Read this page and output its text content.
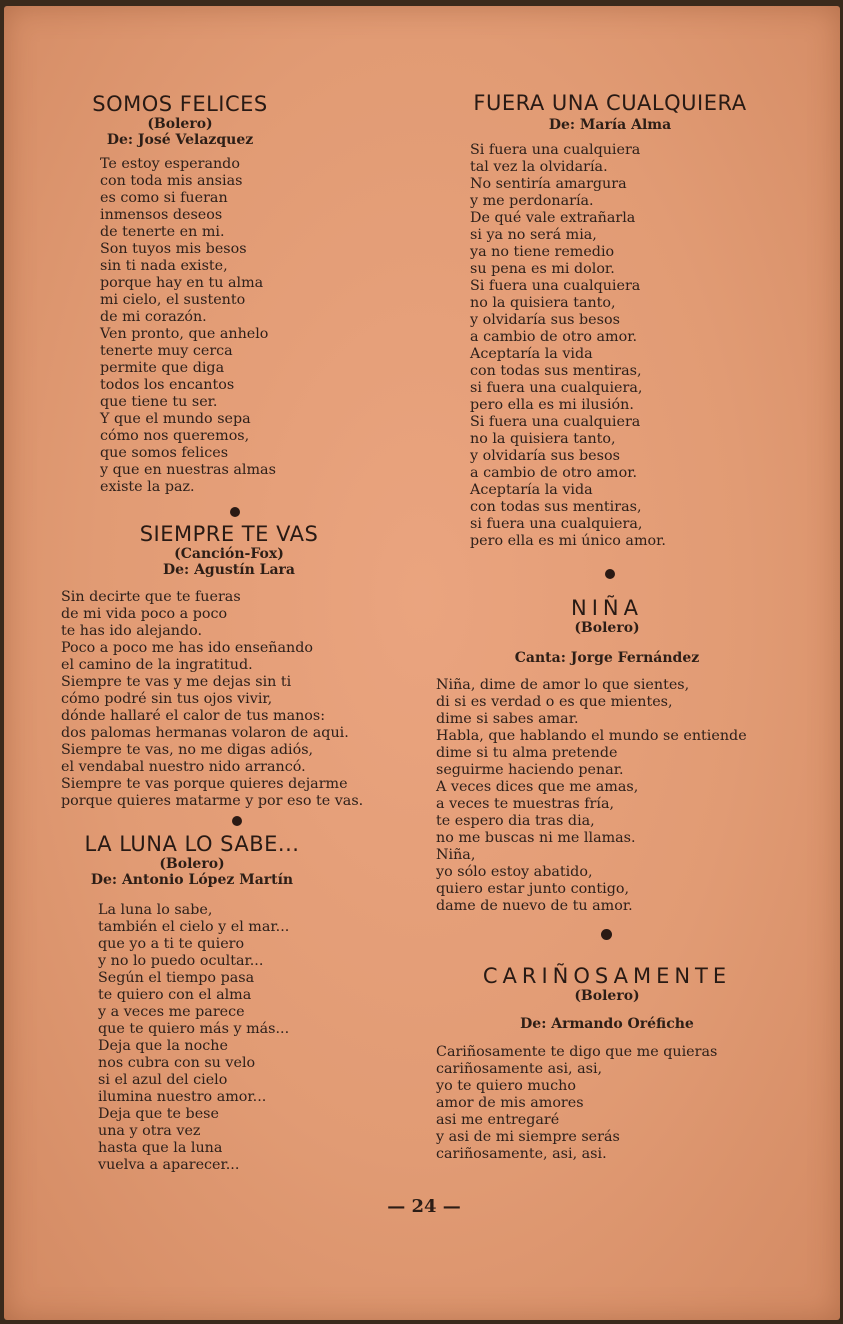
SOMOS FELICES
(Bolero)
De: José Velazquez
Te estoy esperando
con toda mis ansias
es como si fueran
inmensos deseos
de tenerte en mi.
Son tuyos mis besos
sin ti nada existe,
porque hay en tu alma
mi cielo, el sustento
de mi corazón.
Ven pronto, que anhelo
tenerte muy cerca
permite que diga
todos los encantos
que tiene tu ser.
Y que el mundo sepa
cómo nos queremos,
que somos felices
y que en nuestras almas
existe la paz.
SIEMPRE TE VAS
(Canción-Fox)
De: Agustín Lara
Sin decirte que te fueras
de mi vida poco a poco
te has ido alejando.
Poco a poco me has ido enseñando
el camino de la ingratitud.
Siempre te vas y me dejas sin ti
cómo podré sin tus ojos vivir,
dónde hallaré el calor de tus manos:
dos palomas hermanas volaron de aqui.
Siempre te vas, no me digas adiós,
el vendabal nuestro nido arrancó.
Siempre te vas porque quieres dejarme
porque quieres matarme y por eso te vas.
LA LUNA LO SABE...
(Bolero)
De: Antonio López Martín
La luna lo sabe,
también el cielo y el mar...
que yo a ti te quiero
y no lo puedo ocultar...
Según el tiempo pasa
te quiero con el alma
y a veces me parece
que te quiero más y más...
Deja que la noche
nos cubra con su velo
si el azul del cielo
ilumina nuestro amor...
Deja que te bese
una y otra vez
hasta que la luna
vuelva a aparecer...
FUERA UNA CUALQUIERA
De: María Alma
Si fuera una cualquiera
tal vez la olvidaría.
No sentiría amargura
y me perdonaría.
De qué vale extrañarla
si ya no será mia,
ya no tiene remedio
su pena es mi dolor.
Si fuera una cualquiera
no la quisiera tanto,
y olvidaría sus besos
a cambio de otro amor.
Aceptaría la vida
con todas sus mentiras,
si fuera una cualquiera,
pero ella es mi ilusión.
Si fuera una cualquiera
no la quisiera tanto,
y olvidaría sus besos
a cambio de otro amor.
Aceptaría la vida
con todas sus mentiras,
si fuera una cualquiera,
pero ella es mi único amor.
NIÑA
(Bolero)
Canta: Jorge Fernández
Niña, dime de amor lo que sientes,
di si es verdad o es que mientes,
dime si sabes amar.
Habla, que hablando el mundo se entiende
dime si tu alma pretende
seguirme haciendo penar.
A veces dices que me amas,
a veces te muestras fría,
te espero dia tras dia,
no me buscas ni me llamas.
Niña,
yo sólo estoy abatido,
quiero estar junto contigo,
dame de nuevo de tu amor.
CARIÑOSAMENTE
(Bolero)
De: Armando Oréfiche
Cariñosamente te digo que me quieras
cariñosamente asi, asi,
yo te quiero mucho
amor de mis amores
asi me entregaré
y asi de mi siempre serás
cariñosamente, asi, asi.
— 24 —
